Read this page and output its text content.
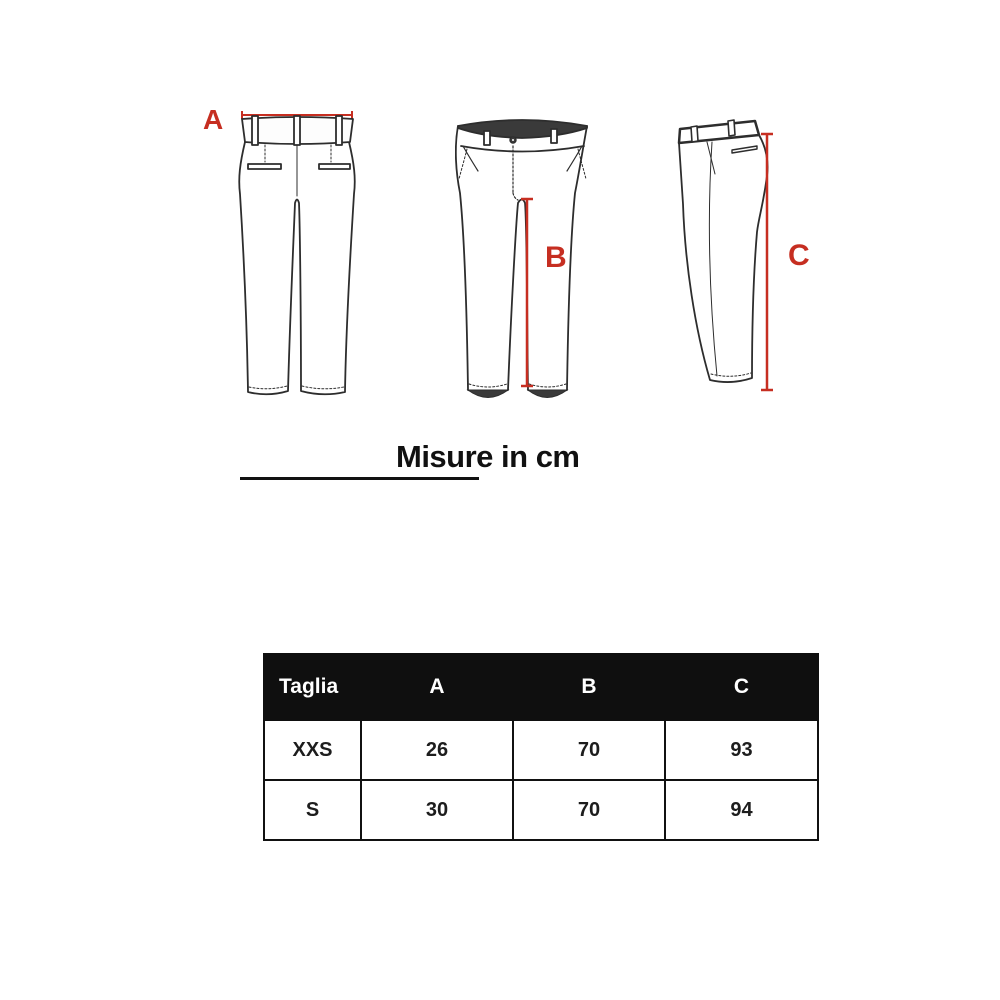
A
B	C
Misure in cm
Taglia	A	B	C
XXS	26	70	93
S	30	70	94
